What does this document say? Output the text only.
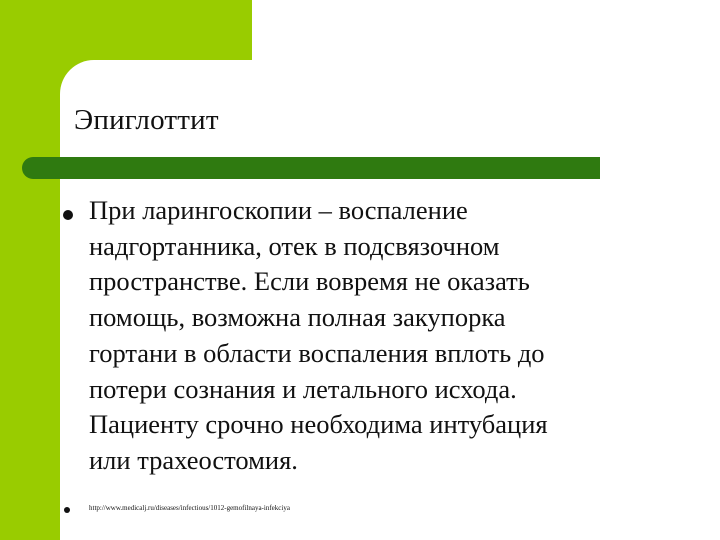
Эпиглоттит

При ларингоскопии – воспаление
надгортанника, отек в подсвязочном
пространстве. Если вовремя не оказать
помощь, возможна полная закупорка
гортани в области воспаления вплоть до
потери сознания и летального исхода.
Пациенту срочно необходима интубация
или трахеостомия.

http://www.medicalj.ru/diseases/infectious/1012-gemofilnaya-infekciya
